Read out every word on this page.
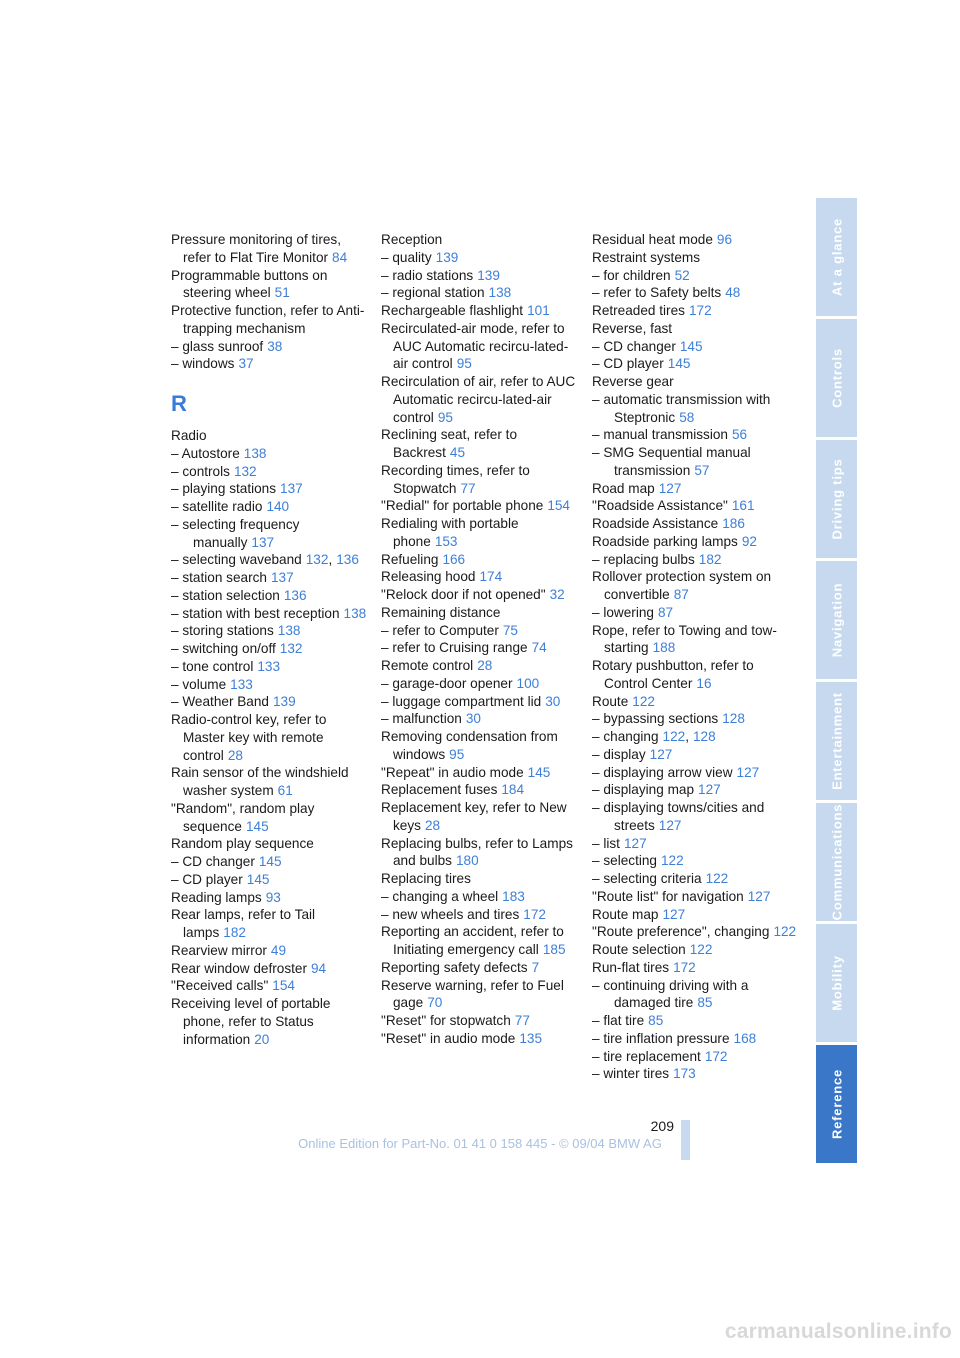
Pressure monitoring of tires, refer to Flat Tire Monitor 84
Programmable buttons on steering wheel 51
Protective function, refer to Anti-trapping mechanism
– glass sunroof 38
– windows 37
R
Radio
– Autostore 138
– controls 132
– playing stations 137
– satellite radio 140
– selecting frequency manually 137
– selecting waveband 132, 136
– station search 137
– station selection 136
– station with best reception 138
– storing stations 138
– switching on/off 132
– tone control 133
– volume 133
– Weather Band 139
Radio-control key, refer to Master key with remote control 28
Rain sensor of the windshield washer system 61
"Random", random play sequence 145
Random play sequence
– CD changer 145
– CD player 145
Reading lamps 93
Rear lamps, refer to Tail lamps 182
Rearview mirror 49
Rear window defroster 94
"Received calls" 154
Receiving level of portable phone, refer to Status information 20
Reception
– quality 139
– radio stations 139
– regional station 138
Rechargeable flashlight 101
Recirculated-air mode, refer to AUC Automatic recircu-lated-air control 95
Recirculation of air, refer to AUC Automatic recircu-lated-air control 95
Reclining seat, refer to Backrest 45
Recording times, refer to Stopwatch 77
"Redial" for portable phone 154
Redialing with portable phone 153
Refueling 166
Releasing hood 174
"Relock door if not opened" 32
Remaining distance
– refer to Computer 75
– refer to Cruising range 74
Remote control 28
– garage-door opener 100
– luggage compartment lid 30
– malfunction 30
Removing condensation from windows 95
"Repeat" in audio mode 145
Replacement fuses 184
Replacement key, refer to New keys 28
Replacing bulbs, refer to Lamps and bulbs 180
Replacing tires
– changing a wheel 183
– new wheels and tires 172
Reporting an accident, refer to Initiating emergency call 185
Reporting safety defects 7
Reserve warning, refer to Fuel gage 70
"Reset" for stopwatch 77
"Reset" in audio mode 135
Residual heat mode 96
Restraint systems
– for children 52
– refer to Safety belts 48
Retreaded tires 172
Reverse, fast
– CD changer 145
– CD player 145
Reverse gear
– automatic transmission with Steptronic 58
– manual transmission 56
– SMG Sequential manual transmission 57
Road map 127
"Roadside Assistance" 161
Roadside Assistance 186
Roadside parking lamps 92
– replacing bulbs 182
Rollover protection system on convertible 87
– lowering 87
Rope, refer to Towing and tow-starting 188
Rotary pushbutton, refer to Control Center 16
Route 122
– bypassing sections 128
– changing 122, 128
– display 127
– displaying arrow view 127
– displaying map 127
– displaying towns/cities and streets 127
– list 127
– selecting 122
– selecting criteria 122
"Route list" for navigation 127
Route map 127
"Route preference", changing 122
Route selection 122
Run-flat tires 172
– continuing driving with a damaged tire 85
– flat tire 85
– tire inflation pressure 168
– tire replacement 172
– winter tires 173
At a glance
Controls
Driving tips
Navigation
Entertainment
Communications
Mobility
Reference
209
Online Edition for Part-No. 01 41 0 158 445 - © 09/04 BMW AG
carmanualsonline.info
